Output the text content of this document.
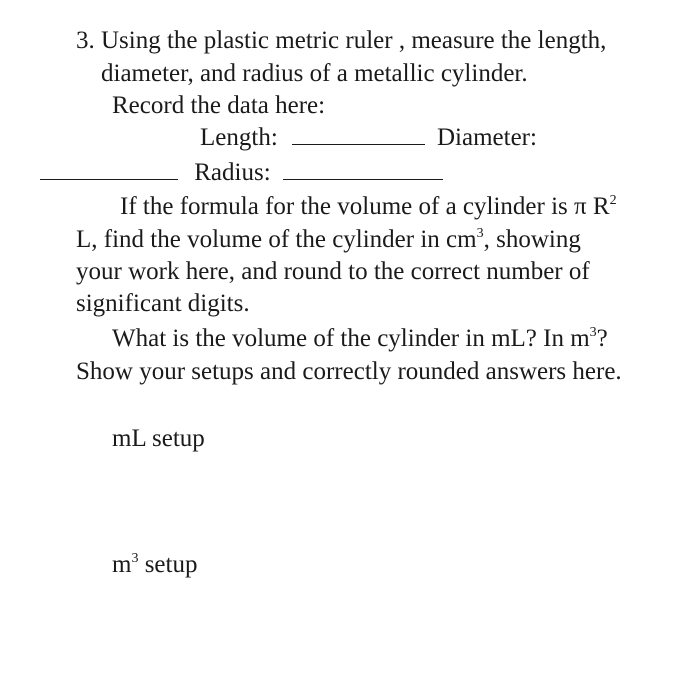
3. Using the plastic metric ruler , measure the length,
diameter, and radius of a metallic cylinder.
Record the data here:
Length:	Diameter:
Radius:
If the formula for the volume of a cylinder is π $R^2$
L, find the volume of the cylinder in $cm^3$, showing
your work here, and round to the correct number of
significant digits.
What is the volume of the cylinder in mL? In $m^3$?
Show your setups and correctly rounded answers here.
mL setup
$m^3$ setup
